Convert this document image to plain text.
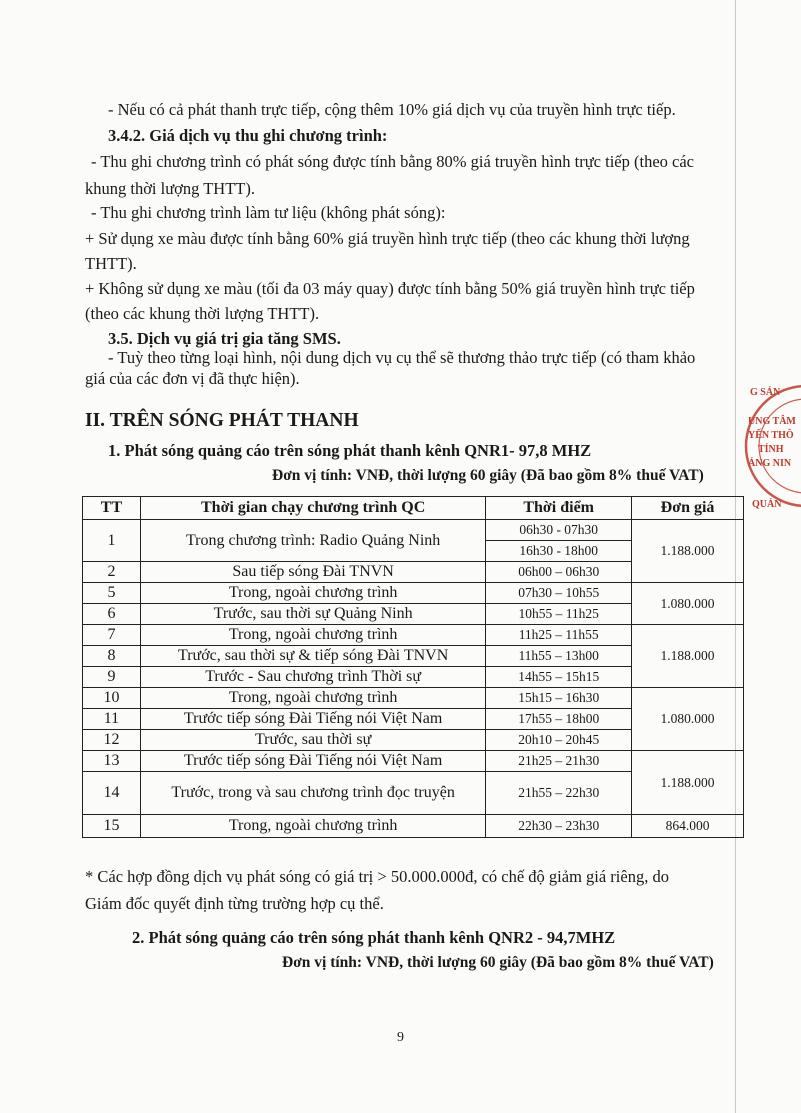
- Nếu có cả phát thanh trực tiếp, cộng thêm 10% giá dịch vụ của truyền hình trực tiếp.
3.4.2. Giá dịch vụ thu ghi chương trình:
- Thu ghi chương trình có phát sóng được tính bằng 80% giá truyền hình trực tiếp (theo các
khung thời lượng THTT).
- Thu ghi chương trình làm tư liệu (không phát sóng):
+ Sử dụng xe màu được tính bằng 60% giá truyền hình trực tiếp (theo các khung thời lượng
THTT).
+ Không sử dụng xe màu (tối đa 03 máy quay) được tính bằng 50% giá truyền hình trực tiếp
(theo các khung thời lượng THTT).
3.5. Dịch vụ giá trị gia tăng SMS.
- Tuỳ theo từng loại hình, nội dung dịch vụ cụ thể sẽ thương thảo trực tiếp (có tham khảo
giá của các đơn vị đã thực hiện).
II. TRÊN SÓNG PHÁT THANH
1. Phát sóng quảng cáo trên sóng phát thanh kênh QNR1- 97,8 MHZ
Đơn vị tính: VNĐ, thời lượng 60 giây (Đã bao gồm 8% thuế VAT)
TT	Thời gian chạy chương trình QC	Thời điểm	Đơn giá
1	Trong chương trình: Radio Quảng Ninh	06h30 - 07h30	1.188.000
		16h30 - 18h00	
2	Sau tiếp sóng Đài TNVN	06h00 – 06h30	
5	Trong, ngoài chương trình	07h30 – 10h55	1.080.000
6	Trước, sau thời sự Quảng Ninh	10h55 – 11h25	
7	Trong, ngoài chương trình	11h25 – 11h55	1.188.000
8	Trước, sau thời sự & tiếp sóng Đài TNVN	11h55 – 13h00	
9	Trước - Sau chương trình Thời sự	14h55 – 15h15	
10	Trong, ngoài chương trình	15h15 – 16h30	1.080.000
11	Trước tiếp sóng Đài Tiếng nói Việt Nam	17h55 – 18h00	
12	Trước, sau thời sự	20h10 – 20h45	
13	Trước tiếp sóng Đài Tiếng nói Việt Nam	21h25 – 21h30	1.188.000
14	Trước, trong và sau chương trình đọc truyện	21h55 – 22h30	
15	Trong, ngoài chương trình	22h30 – 23h30	864.000
* Các hợp đồng dịch vụ phát sóng có giá trị > 50.000.000đ, có chế độ giảm giá riêng, do
Giám đốc quyết định từng trường hợp cụ thể.
2. Phát sóng quảng cáo trên sóng phát thanh kênh QNR2 - 94,7MHZ
Đơn vị tính: VNĐ, thời lượng 60 giây (Đã bao gồm 8% thuế VAT)
9
G SẢN
UNG TÂM
YẾN THÔ
TỈNH
ẢNG NIN
QUẢN
